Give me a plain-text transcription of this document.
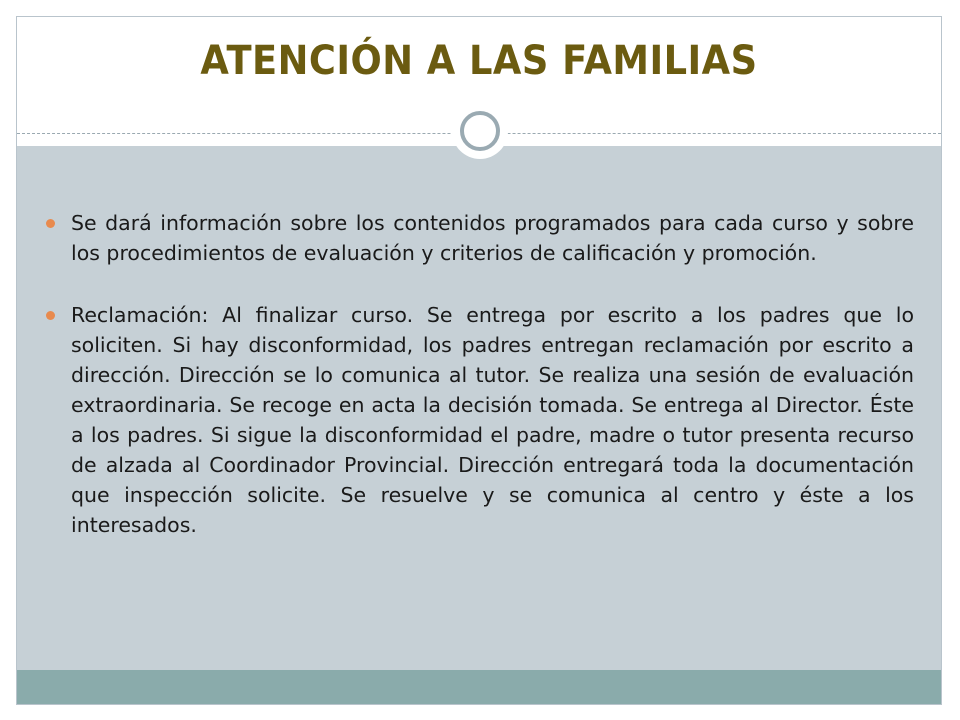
ATENCIÓN A LAS FAMILIAS
Se dará información sobre los contenidos programados para cada curso y sobre los procedimientos de evaluación y criterios de calificación y promoción.
Reclamación: Al finalizar curso. Se entrega por escrito a los padres que lo soliciten. Si hay disconformidad, los padres entregan reclamación por escrito a dirección. Dirección se lo comunica al tutor. Se realiza una sesión de evaluación extraordinaria. Se recoge en acta la decisión tomada. Se entrega al Director. Éste a los padres. Si sigue la disconformidad el padre, madre o tutor presenta recurso de alzada al Coordinador Provincial. Dirección entregará toda la documentación que inspección solicite. Se resuelve y se comunica al centro y éste a los interesados.
